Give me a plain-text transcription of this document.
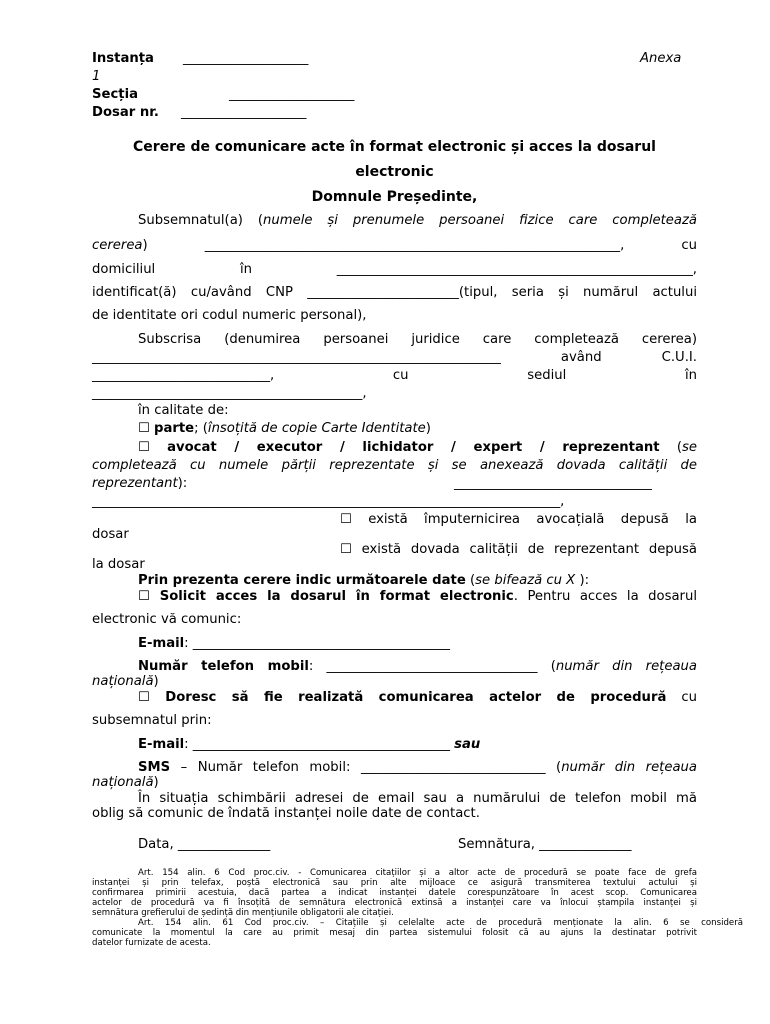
Instanța ___________________	Anexa
1
Secția	___________________
Dosar nr. ___________________
Cerere de comunicare acte în format electronic și acces la dosarul
electronic
Domnule Președinte,
Subsemnatul(a) (numele și prenumele persoanei fizice care completează
cererea) _______________________________________________________________, cu
domiciliul	în	______________________________________________________,
identificat(ă) cu/având CNP _______________________(tipul, seria și numărul actului
de identitate ori codul numeric personal),
Subscrisa (denumirea persoanei juridice care completează cererea)
______________________________________________________________	având C.U.I.
___________________________,	cu	sediul	în
_________________________________________,
în calitate de:
☐ parte; (însoțită de copie Carte Identitate)
☐ avocat / executor / lichidator / expert / reprezentant (se
completează cu numele părții reprezentate și se anexează dovada calității de
reprezentant):	______________________________
_______________________________________________________________________,
☐ există împuternicirea avocațială depusă la
dosar
☐ există dovada calității de reprezentant depusă
la dosar
Prin prezenta cerere indic următoarele date (se bifează cu X ):
☐ Solicit acces la dosarul în format electronic. Pentru acces la dosarul
electronic vă comunic:
E-mail: _______________________________________
Număr telefon mobil: ________________________________ (număr din rețeaua
națională)
☐ Doresc să fie realizată comunicarea actelor de procedură cu
subsemnatul prin:
E-mail: _______________________________________ sau
SMS – Număr telefon mobil: ____________________________ (număr din rețeaua
națională)
În situația schimbării adresei de email sau a numărului de telefon mobil mă
oblig să comunic de îndată instanței noile date de contact.
Data, ______________	Semnătura, ______________
Art. 154 alin. 6 Cod proc.civ. - Comunicarea citațiilor și a altor acte de procedură se poate face de grefa
instanței și prin telefax, poștă electronică sau prin alte mijloace ce asigură transmiterea textului actului și
confirmarea primirii acestuia, dacă partea a indicat instanței datele corespunzătoare în acest scop. Comunicarea
actelor de procedură va fi însoțită de semnătura electronică extinsă a instanței care va înlocui ștampila instanței și
semnătura grefierului de ședință din mențiunile obligatorii ale citației.
Art. 154 alin. 61 Cod proc.civ. – Citațiile și celelalte acte de procedură menționate la alin. 6 se consideră
comunicate la momentul la care au primit mesaj din partea sistemului folosit că au ajuns la destinatar potrivit
datelor furnizate de acesta.
